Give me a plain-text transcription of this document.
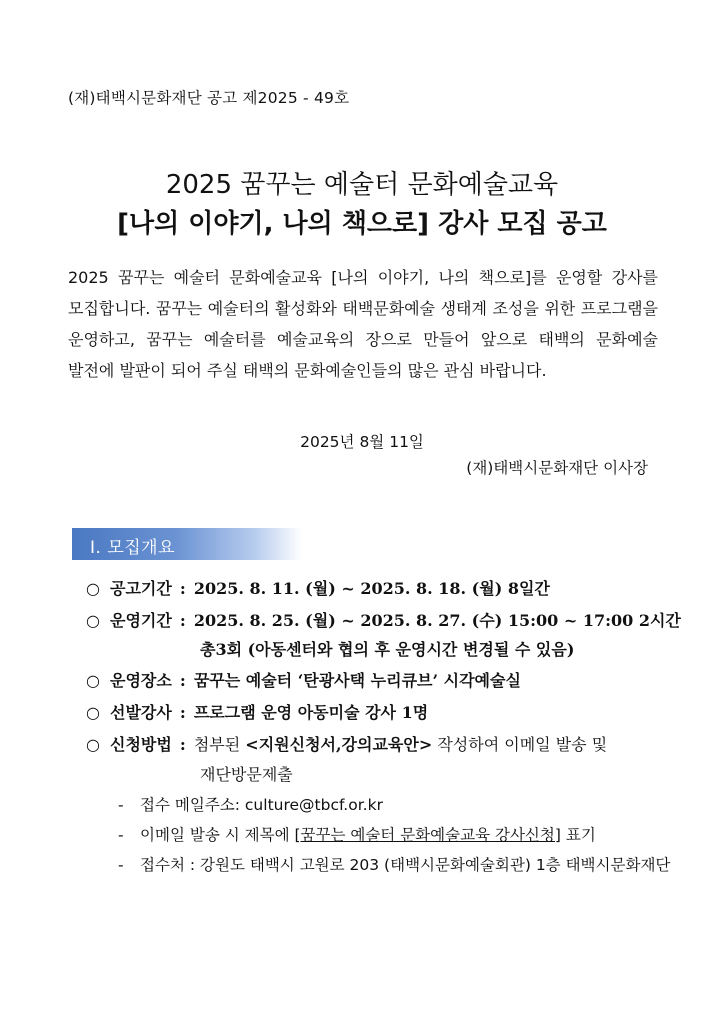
(재)태백시문화재단 공고 제2025 - 49호
2025 꿈꾸는 예술터 문화예술교육
[나의 이야기, 나의 책으로] 강사 모집 공고
2025 꿈꾸는 예술터 문화예술교육 [나의 이야기, 나의 책으로]를 운영할 강사를 모집합니다. 꿈꾸는 예술터의 활성화와 태백문화예술 생태계 조성을 위한 프로그램을 운영하고, 꿈꾸는 예술터를 예술교육의 장으로 만들어 앞으로 태백의 문화예술 발전에 발판이 되어 주실 태백의 문화예술인들의 많은 관심 바랍니다.
2025년 8월 11일
(재)태백시문화재단 이사장
Ⅰ. 모집개요
○ 공고기간 : 2025. 8. 11. (월) ~ 2025. 8. 18. (월) 8일간
○ 운영기간 : 2025. 8. 25. (월) ~ 2025. 8. 27. (수) 15:00 ~ 17:00 2시간
총3회 (아동센터와 협의 후 운영시간 변경될 수 있음)
○ 운영장소 : 꿈꾸는 예술터 ‘탄광사택 누리큐브’ 시각예술실
○ 선발강사 : 프로그램 운영 아동미술 강사 1명
○ 신청방법 : 첨부된 <지원신청서,강의교육안> 작성하여 이메일 발송 및
재단방문제출
- 접수 메일주소: culture@tbcf.or.kr
- 이메일 발송 시 제목에 [꿈꾸는 예술터 문화예술교육 강사신청] 표기
- 접수처 : 강원도 태백시 고원로 203 (태백시문화예술회관) 1층 태백시문화재단
